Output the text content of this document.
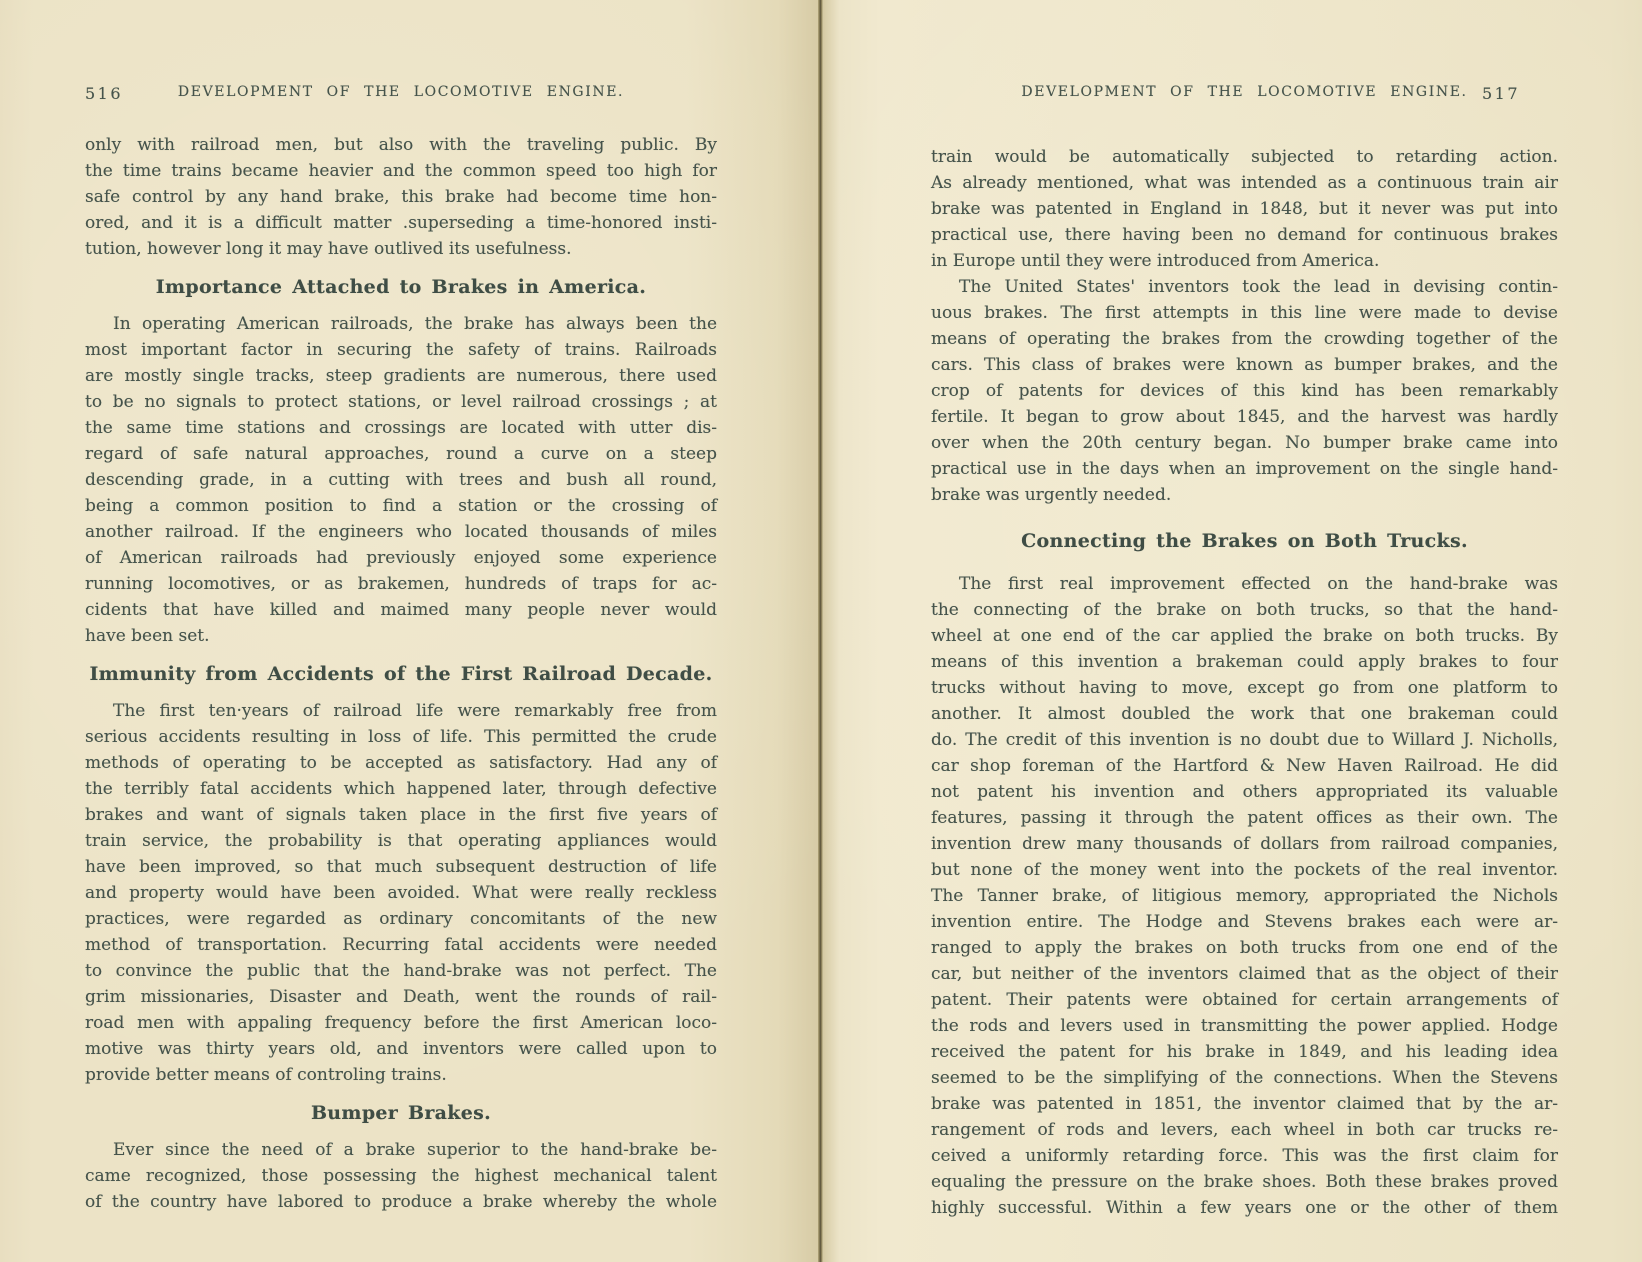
516	DEVELOPMENT OF THE LOCOMOTIVE ENGINE.
only with railroad men, but also with the traveling public. By
the time trains became heavier and the common speed too high for
safe control by any hand brake, this brake had become time hon-
ored, and it is a difficult matter .superseding a time-honored insti-
tution, however long it may have outlived its usefulness.
Importance Attached to Brakes in America.
In operating American railroads, the brake has always been the
most important factor in securing the safety of trains. Railroads
are mostly single tracks, steep gradients are numerous, there used
to be no signals to protect stations, or level railroad crossings ; at
the same time stations and crossings are located with utter dis-
regard of safe natural approaches, round a curve on a steep
descending grade, in a cutting with trees and bush all round,
being a common position to find a station or the crossing of
another railroad. If the engineers who located thousands of miles
of American railroads had previously enjoyed some experience
running locomotives, or as brakemen, hundreds of traps for ac-
cidents that have killed and maimed many people never would
have been set.
Immunity from Accidents of the First Railroad Decade.
The first ten·years of railroad life were remarkably free from
serious accidents resulting in loss of life. This permitted the crude
methods of operating to be accepted as satisfactory. Had any of
the terribly fatal accidents which happened later, through defective
brakes and want of signals taken place in the first five years of
train service, the probability is that operating appliances would
have been improved, so that much subsequent destruction of life
and property would have been avoided. What were really reckless
practices, were regarded as ordinary concomitants of the new
method of transportation. Recurring fatal accidents were needed
to convince the public that the hand-brake was not perfect. The
grim missionaries, Disaster and Death, went the rounds of rail-
road men with appaling frequency before the first American loco-
motive was thirty years old, and inventors were called upon to
provide better means of controling trains.
Bumper Brakes.
Ever since the need of a brake superior to the hand-brake be-
came recognized, those possessing the highest mechanical talent
of the country have labored to produce a brake whereby the whole
DEVELOPMENT OF THE LOCOMOTIVE ENGINE. 517
train would be automatically subjected to retarding action.
As already mentioned, what was intended as a continuous train air
brake was patented in England in 1848, but it never was put into
practical use, there having been no demand for continuous brakes
in Europe until they were introduced from America.
The United States' inventors took the lead in devising contin-
uous brakes. The first attempts in this line were made to devise
means of operating the brakes from the crowding together of the
cars. This class of brakes were known as bumper brakes, and the
crop of patents for devices of this kind has been remarkably
fertile. It began to grow about 1845, and the harvest was hardly
over when the 20th century began. No bumper brake came into
practical use in the days when an improvement on the single hand-
brake was urgently needed.
Connecting the Brakes on Both Trucks.
The first real improvement effected on the hand-brake was
the connecting of the brake on both trucks, so that the hand-
wheel at one end of the car applied the brake on both trucks. By
means of this invention a brakeman could apply brakes to four
trucks without having to move, except go from one platform to
another. It almost doubled the work that one brakeman could
do. The credit of this invention is no doubt due to Willard J. Nicholls,
car shop foreman of the Hartford & New Haven Railroad. He did
not patent his invention and others appropriated its valuable
features, passing it through the patent offices as their own. The
invention drew many thousands of dollars from railroad companies,
but none of the money went into the pockets of the real inventor.
The Tanner brake, of litigious memory, appropriated the Nichols
invention entire. The Hodge and Stevens brakes each were ar-
ranged to apply the brakes on both trucks from one end of the
car, but neither of the inventors claimed that as the object of their
patent. Their patents were obtained for certain arrangements of
the rods and levers used in transmitting the power applied. Hodge
received the patent for his brake in 1849, and his leading idea
seemed to be the simplifying of the connections. When the Stevens
brake was patented in 1851, the inventor claimed that by the ar-
rangement of rods and levers, each wheel in both car trucks re-
ceived a uniformly retarding force. This was the first claim for
equaling the pressure on the brake shoes. Both these brakes proved
highly successful. Within a few years one or the other of them
